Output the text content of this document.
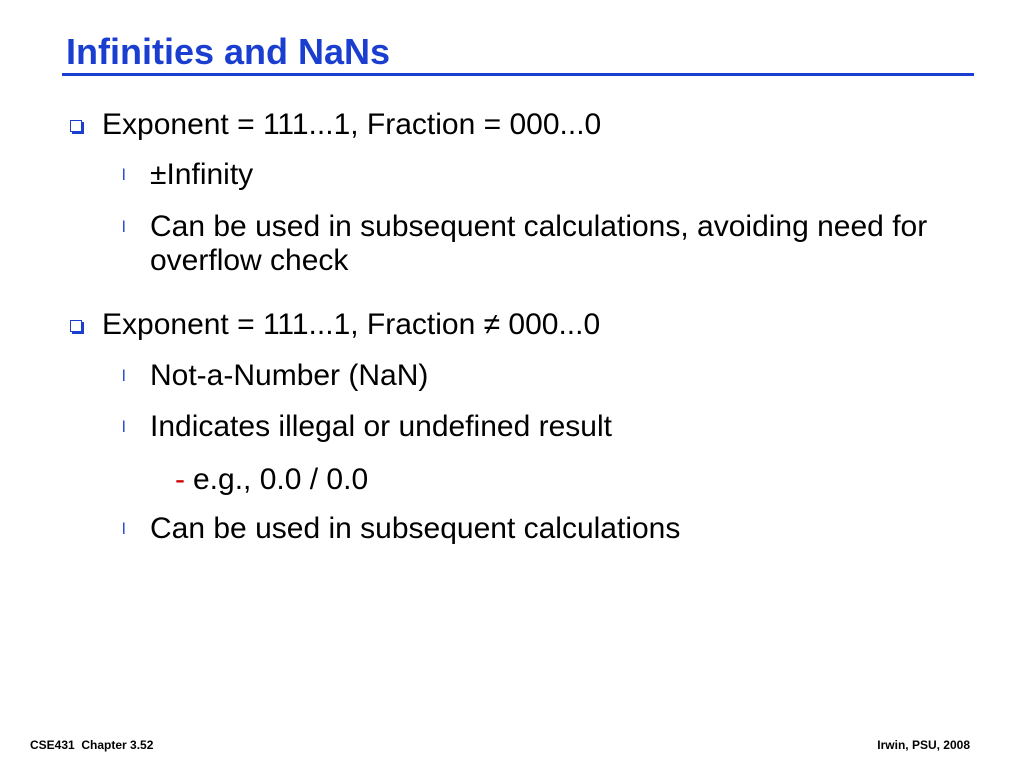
Infinities and NaNs
Exponent = 111...1, Fraction = 000...0
l ±Infinity
l Can be used in subsequent calculations, avoiding need for overflow check
Exponent = 111...1, Fraction ≠ 000...0
l Not-a-Number (NaN)
l Indicates illegal or undefined result
- e.g., 0.0 / 0.0
l Can be used in subsequent calculations
CSE431  Chapter 3.52	Irwin, PSU, 2008
